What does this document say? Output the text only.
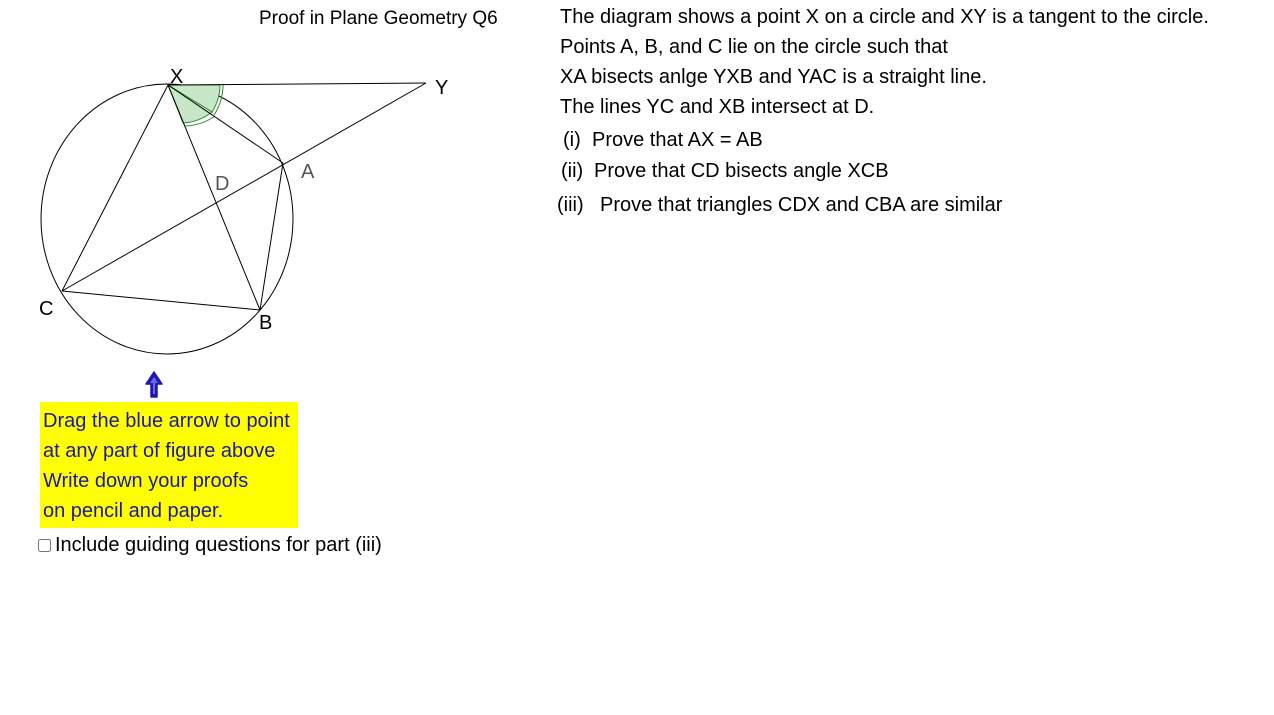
Proof in Plane Geometry Q6	The diagram shows a point X on a circle and XY is a tangent to the circle.
Points A, B, and C lie on the circle such that
XA bisects anlge YXB and YAC is a straight line.
The lines YC and XB intersect at D.
(i) Prove that AX = AB
(ii) Prove that CD bisects angle XCB
(iii) Prove that triangles CDX and CBA are similar
X	Y
A
B
C
D
Drag the blue arrow to point
at any part of figure above
Write down your proofs
on pencil and paper.
Include guiding questions for part (iii)
